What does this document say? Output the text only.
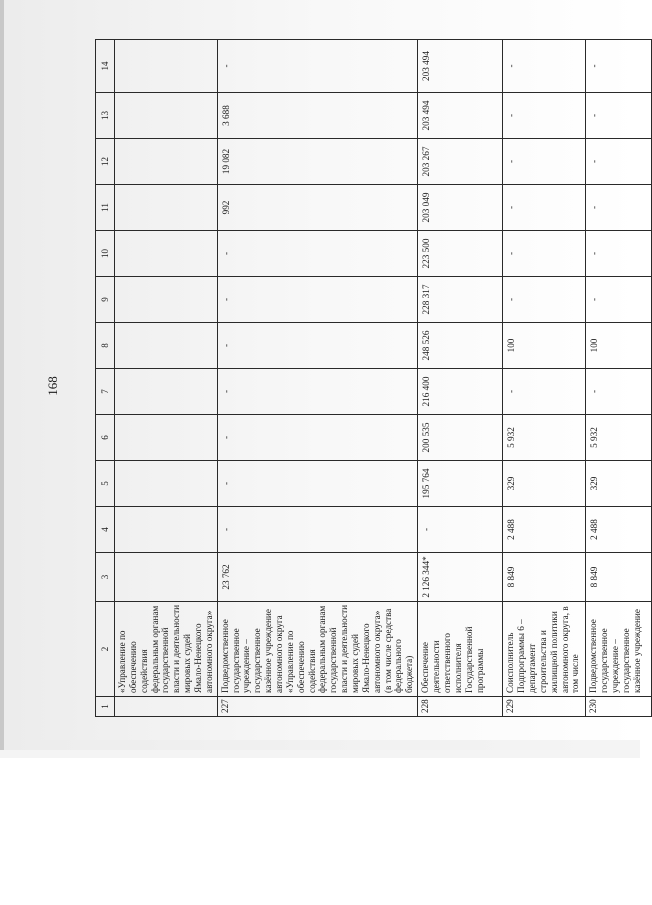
168
1	2	3	4	5	6	7	8	9	10	11	12	13	14
	«Управление по обеспечению содействия федеральным органам государственной власти и деятельности мировых судей Ямало-Ненецкого автономного округа»												
227	Подведомственное государственное учреждение – государственное казённое учреждение автономного округа «Управление по обеспечению содействия федеральным органам государственной власти и деятельности мировых судей Ямало-Ненецкого автономного округа» (в том числе средства федерального бюджета)	23 762	-	-	-	-	-	-	-	992	19 082	3 688	-
228	Обеспечение деятельности ответственного исполнителя Государственной программы	2 126 344*	-	195 764	200 535	216 400	248 526	228 317	223 500	203 049	203 267	203 494	203 494
229	Соисполнитель Подпрограммы 6 – департамент строительства и жилищной политики автономного округа, в том числе	8 849	2 488	329	5 932	-	100	-	-	-	-	-	-
230	Подведомственное государственное учреждение – государственное казённое учреждение	8 849	2 488	329	5 932	-	100	-	-	-	-	-	-
